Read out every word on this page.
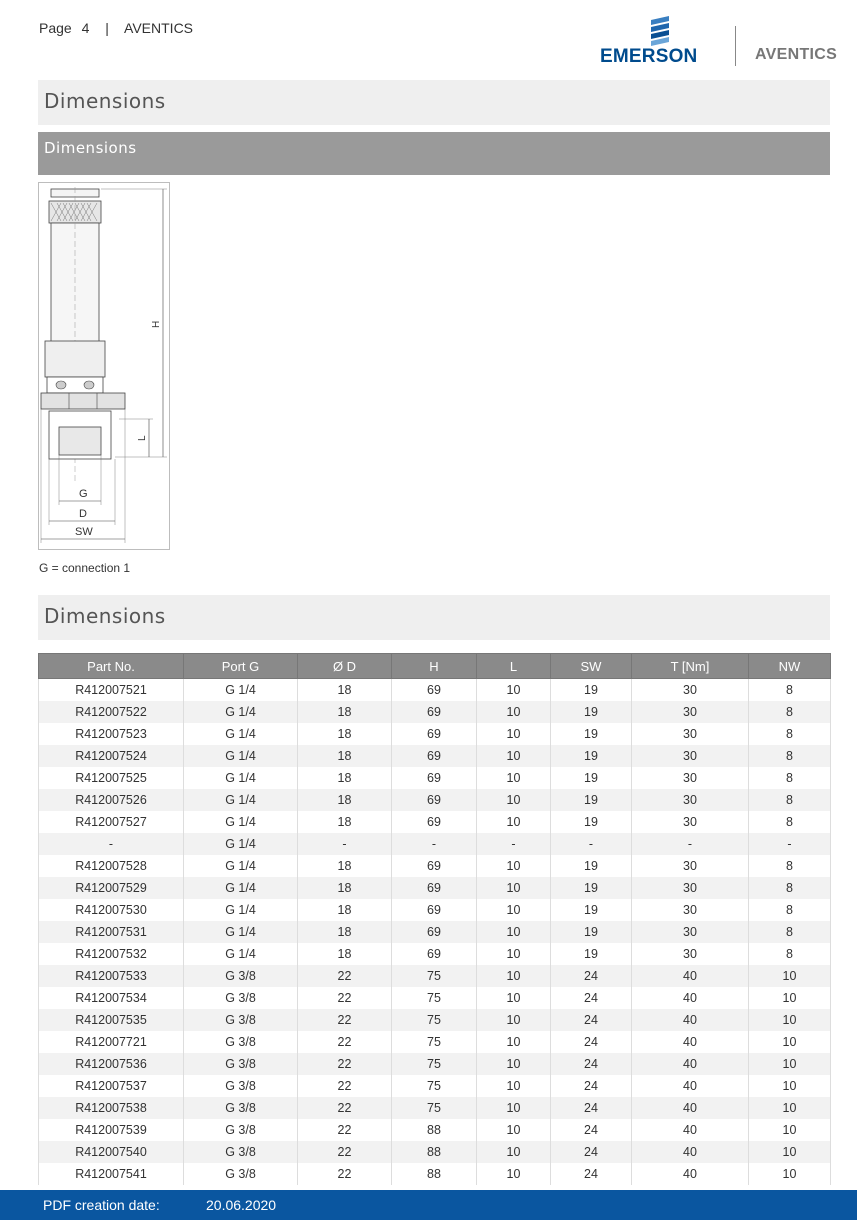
Page 4 | AVENTICS
EMERSON	AVENTICS
Dimensions
Dimensions
H
L
G
D
SW
G = connection 1
Dimensions
Part No.	Port G	Ø D	H	L	SW	T [Nm]	NW
R412007521	G 1/4	18	69	10	19	30	8
R412007522	G 1/4	18	69	10	19	30	8
R412007523	G 1/4	18	69	10	19	30	8
R412007524	G 1/4	18	69	10	19	30	8
R412007525	G 1/4	18	69	10	19	30	8
R412007526	G 1/4	18	69	10	19	30	8
R412007527	G 1/4	18	69	10	19	30	8
-	G 1/4	-	-	-	-	-	-
R412007528	G 1/4	18	69	10	19	30	8
R412007529	G 1/4	18	69	10	19	30	8
R412007530	G 1/4	18	69	10	19	30	8
R412007531	G 1/4	18	69	10	19	30	8
R412007532	G 1/4	18	69	10	19	30	8
R412007533	G 3/8	22	75	10	24	40	10
R412007534	G 3/8	22	75	10	24	40	10
R412007535	G 3/8	22	75	10	24	40	10
R412007721	G 3/8	22	75	10	24	40	10
R412007536	G 3/8	22	75	10	24	40	10
R412007537	G 3/8	22	75	10	24	40	10
R412007538	G 3/8	22	75	10	24	40	10
R412007539	G 3/8	22	88	10	24	40	10
R412007540	G 3/8	22	88	10	24	40	10
R412007541	G 3/8	22	88	10	24	40	10
PDF creation date:	20.06.2020
